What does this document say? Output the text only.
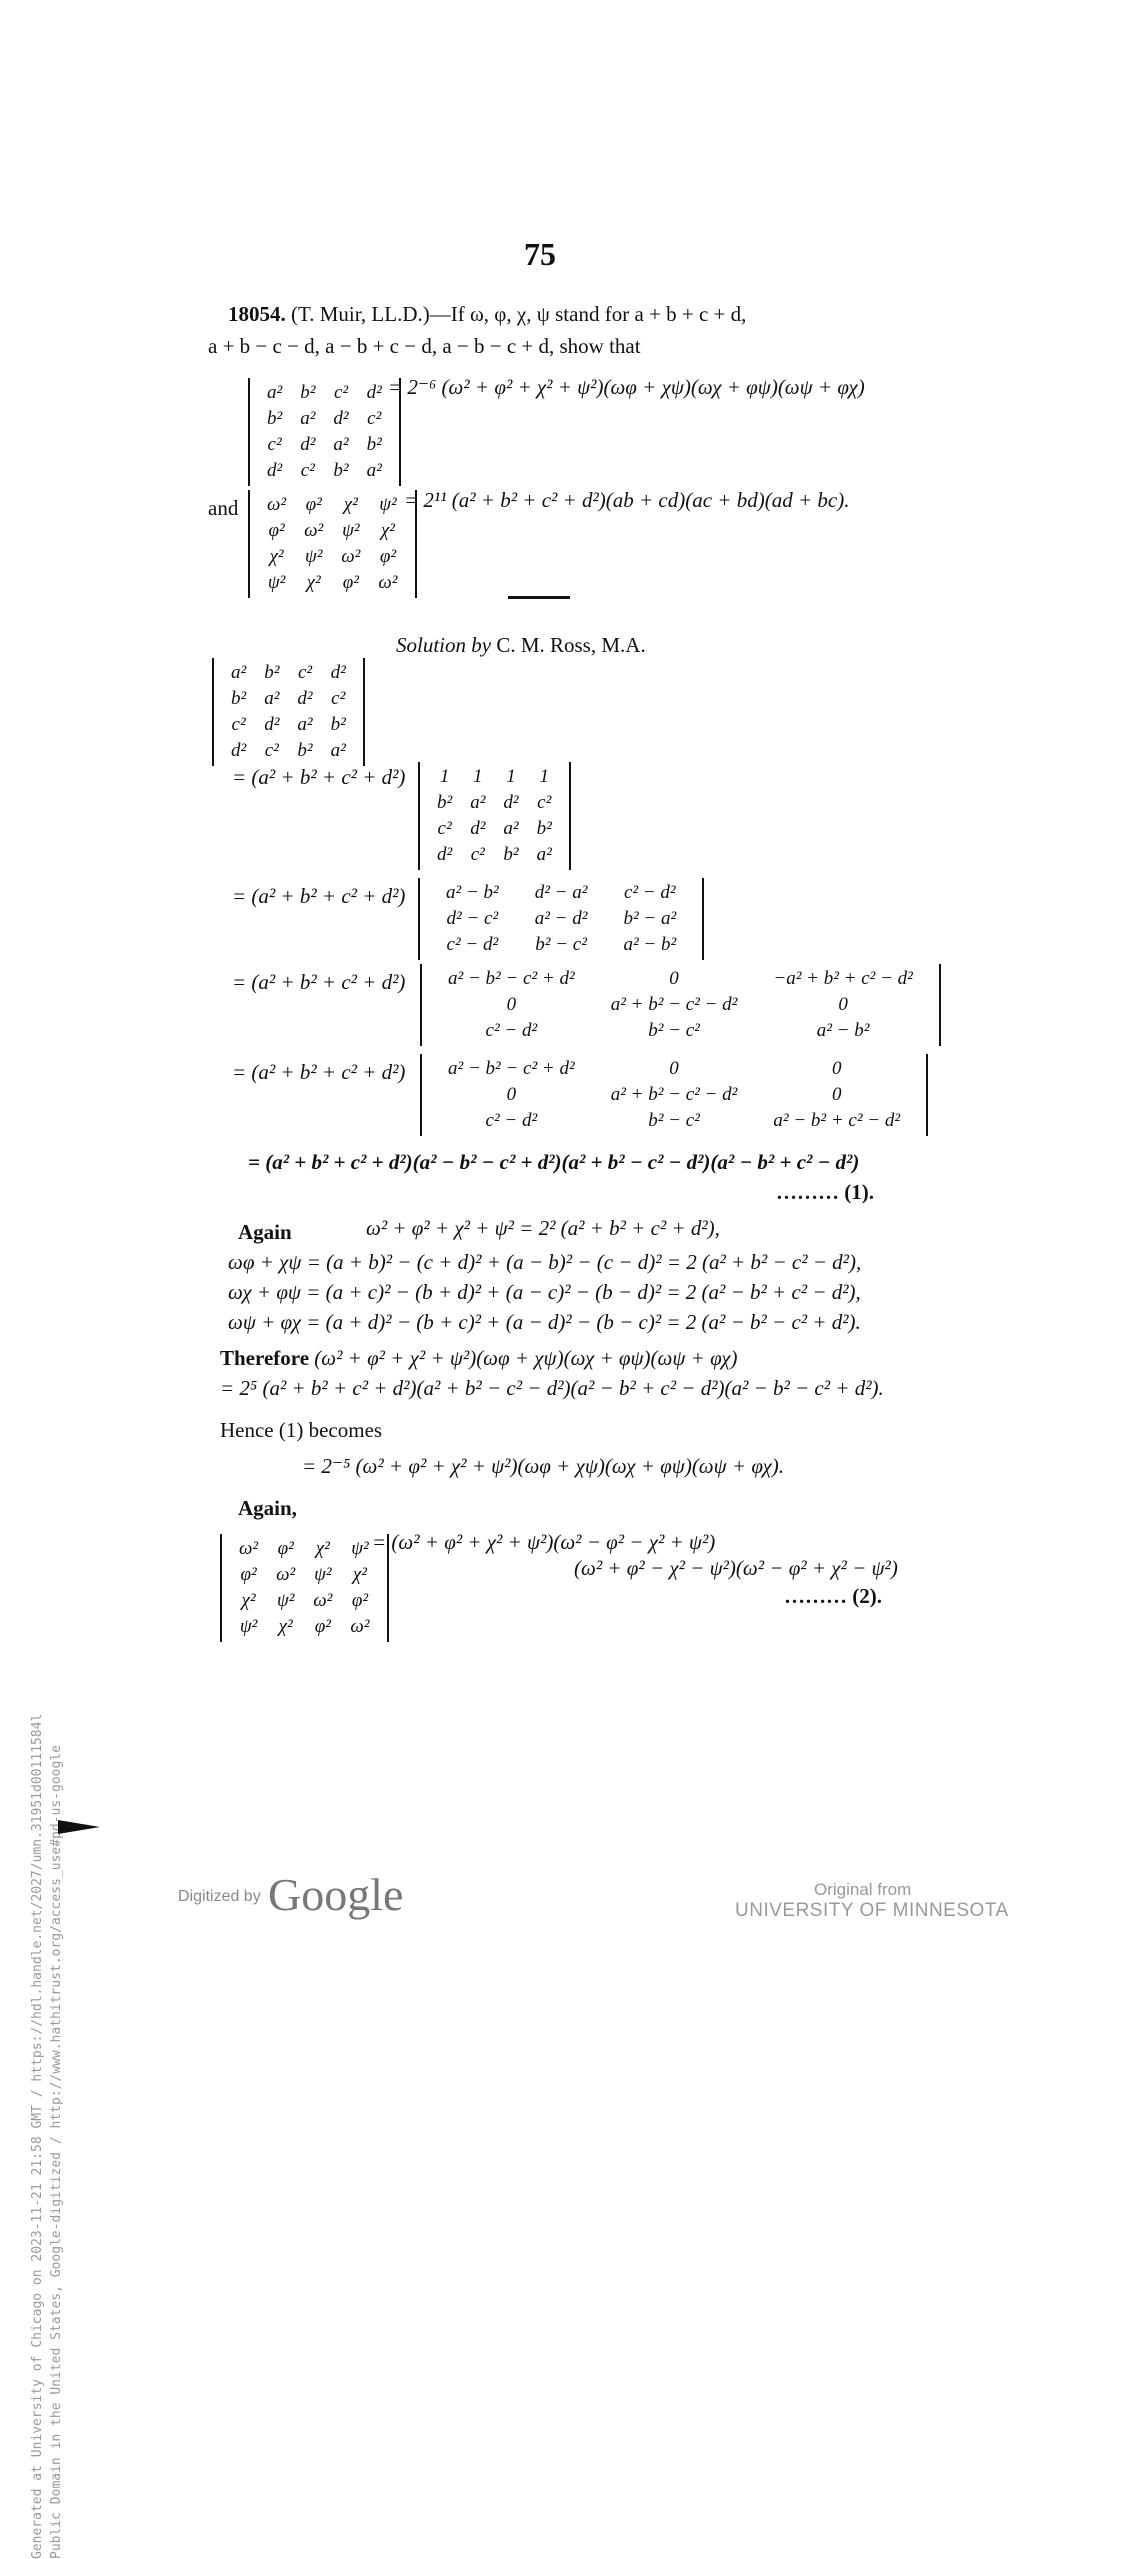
Generated at University of Chicago on 2023-11-21 21:58 GMT / https://hdl.handle.net/2027/umn.31951d00111584l Public Domain in the United States, Google-digitized / http://www.hathitrust.org/access_use#pd-us-google
75
18054. (T. Muir, LL.D.)—If ω, φ, χ, ψ stand for a + b + c + d,
a + b − c − d, a − b + c − d, a − b − c + d, show that
a²	b²	c²	d²
b²	a²	d²	c²
c²	d²	a²	b²
d²	c²	b²	a²
= 2⁻⁶ (ω² + φ² + χ² + ψ²)(ωφ + χψ)(ωχ + φψ)(ωψ + φχ)
and ω²	φ²	χ²	ψ²
φ²	ω²	ψ²	χ²
χ²	ψ²	ω²	φ²
ψ²	χ²	φ²	ω²
= 2¹¹ (a² + b² + c² + d²)(ab + cd)(ac + bd)(ad + bc).
Solution by C. M. Ross, M.A.
a²	b²	c²	d²
b²	a²	d²	c²
c²	d²	a²	b²
d²	c²	b²	a²
= (a² + b² + c² + d²) 1	1	1	1
b²	a²	d²	c²
c²	d²	a²	b²
d²	c²	b²	a²
= (a² + b² + c² + d²) a² − b²	d² − a²	c² − d²
d² − c²	a² − d²	b² − a²
c² − d²	b² − c²	a² − b²
= (a² + b² + c² + d²) a² − b² − c² + d²	0	−a² + b² + c² − d²
0	a² + b² − c² − d²	0
c² − d²	b² − c²	a² − b²
= (a² + b² + c² + d²) a² − b² − c² + d²	0	0
0	a² + b² − c² − d²	0
c² − d²	b² − c²	a² − b² + c² − d²
= (a² + b² + c² + d²)(a² − b² − c² + d²)(a² + b² − c² − d²)(a² − b² + c² − d²)
……… (1).
Again	ω² + φ² + χ² + ψ² = 2² (a² + b² + c² + d²),
ωφ + χψ = (a + b)² − (c + d)² + (a − b)² − (c − d)² = 2 (a² + b² − c² − d²),
ωχ + φψ = (a + c)² − (b + d)² + (a − c)² − (b − d)² = 2 (a² − b² + c² − d²),
ωψ + φχ = (a + d)² − (b + c)² + (a − d)² − (b − c)² = 2 (a² − b² − c² + d²).
Therefore (ω² + φ² + χ² + ψ²)(ωφ + χψ)(ωχ + φψ)(ωψ + φχ)
= 2⁵ (a² + b² + c² + d²)(a² + b² − c² − d²)(a² − b² + c² − d²)(a² − b² − c² + d²).
Hence (1) becomes
= 2⁻⁵ (ω² + φ² + χ² + ψ²)(ωφ + χψ)(ωχ + φψ)(ωψ + φχ).
Again,
ω²	φ²	χ²	ψ²
φ²	ω²	ψ²	χ²
χ²	ψ²	ω²	φ²
ψ²	χ²	φ²	ω²
= (ω² + φ² + χ² + ψ²)(ω² − φ² − χ² + ψ²)
(ω² + φ² − χ² − ψ²)(ω² − φ² + χ² − ψ²)
……… (2).
Digitized by Google	Original from
UNIVERSITY OF MINNESOTA
